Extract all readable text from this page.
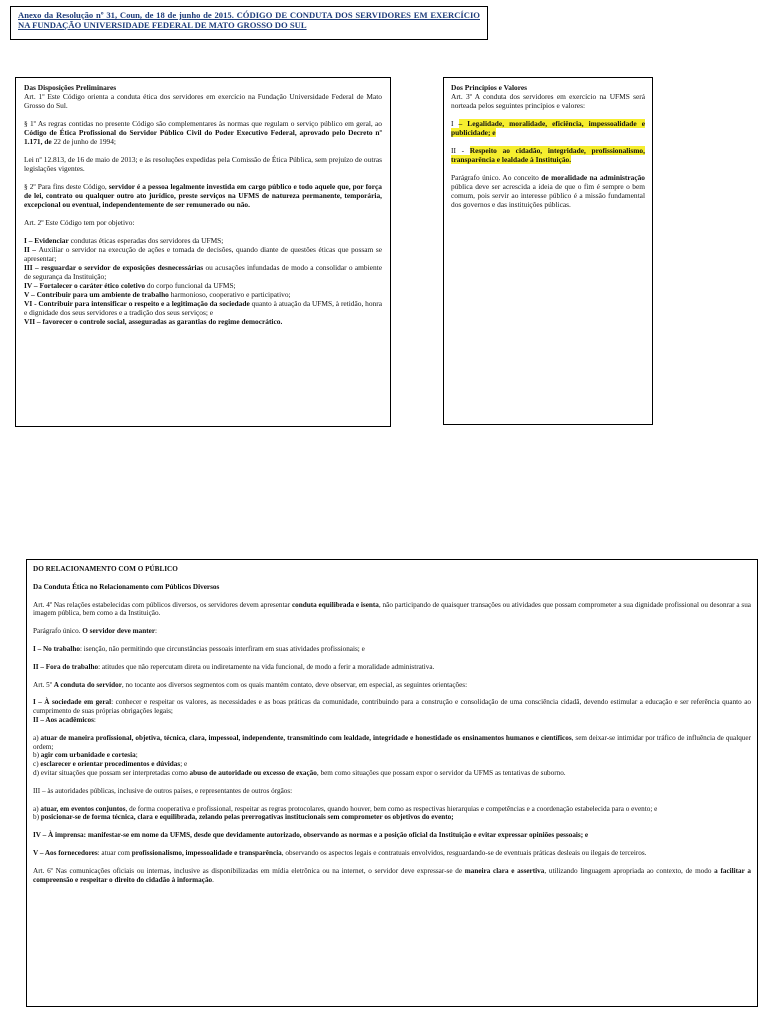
Anexo da Resolução nº 31, Coun, de 18 de junho de 2015. CÓDIGO DE CONDUTA DOS SERVIDORES EM EXERCÍCIO NA FUNDAÇÃO UNIVERSIDADE FEDERAL DE MATO GROSSO DO SUL

Das Disposições Preliminares

Art. 1º Este Código orienta a conduta ética dos servidores em exercício na Fundação Universidade Federal de Mato Grosso do Sul.

§ 1º As regras contidas no presente Código são complementares às normas que regulam o serviço público em geral, ao Código de Ética Profissional do Servidor Público Civil do Poder Executivo Federal, aprovado pelo Decreto nº 1.171, de 22 de junho de 1994;

Lei nº 12.813, de 16 de maio de 2013; e às resoluções expedidas pela Comissão de Ética Pública, sem prejuízo de outras legislações vigentes.

§ 2º Para fins deste Código, servidor é a pessoa legalmente investida em cargo público e todo aquele que, por força de lei, contrato ou qualquer outro ato jurídico, preste serviços na UFMS de natureza permanente, temporária, excepcional ou eventual, independentemente de ser remunerado ou não.

Art. 2º Este Código tem por objetivo:

I – Evidenciar condutas éticas esperadas dos servidores da UFMS;

II – Auxiliar o servidor na execução de ações e tomada de decisões, quando diante de questões éticas que possam se apresentar;

III – resguardar o servidor de exposições desnecessárias ou acusações infundadas de modo a consolidar o ambiente de segurança da Instituição;

IV – Fortalecer o caráter ético coletivo do corpo funcional da UFMS;

V – Contribuir para um ambiente de trabalho harmonioso, cooperativo e participativo;

VI - Contribuir para intensificar o respeito e a legitimação da sociedade quanto à atuação da UFMS, à retidão, honra e dignidade dos seus servidores e a tradição dos seus serviços; e

VII – favorecer o controle social, asseguradas as garantias do regime democrático.

Dos Princípios e Valores

Art. 3º A conduta dos servidores em exercício na UFMS será norteada pelos seguintes princípios e valores:

I – Legalidade, moralidade, eficiência, impessoalidade e publicidade; e

II - Respeito ao cidadão, integridade, profissionalismo, transparência e lealdade à Instituição.

Parágrafo único. Ao conceito de moralidade na administração pública deve ser acrescida a ideia de que o fim é sempre o bem comum, pois servir ao interesse público é a missão fundamental dos governos e das instituições públicas.

DO RELACIONAMENTO COM O PÚBLICO

Da Conduta Ética no Relacionamento com Públicos Diversos

Art. 4º Nas relações estabelecidas com públicos diversos, os servidores devem apresentar conduta equilibrada e isenta, não participando de quaisquer transações ou atividades que possam comprometer a sua dignidade profissional ou desonrar a sua imagem pública, bem como a da Instituição.

Parágrafo único. O servidor deve manter:

I – No trabalho: isenção, não permitindo que circunstâncias pessoais interfiram em suas atividades profissionais; e

II – Fora do trabalho: atitudes que não repercutam direta ou indiretamente na vida funcional, de modo a ferir a moralidade administrativa.

Art. 5º A conduta do servidor, no tocante aos diversos segmentos com os quais mantém contato, deve observar, em especial, as seguintes orientações:

I – À sociedade em geral: conhecer e respeitar os valores, as necessidades e as boas práticas da comunidade, contribuindo para a construção e consolidação de uma consciência cidadã, devendo estimular a educação e ser referência quanto ao cumprimento de suas próprias obrigações legais;

II – Aos acadêmicos:

a) atuar de maneira profissional, objetiva, técnica, clara, impessoal, independente, transmitindo com lealdade, integridade e honestidade os ensinamentos humanos e científicos, sem deixar-se intimidar por tráfico de influência de qualquer ordem;

b) agir com urbanidade e cortesia;

c) esclarecer e orientar procedimentos e dúvidas; e

d) evitar situações que possam ser interpretadas como abuso de autoridade ou excesso de exação, bem como situações que possam expor o servidor da UFMS as tentativas de suborno.

III – às autoridades públicas, inclusive de outros países, e representantes de outros órgãos:

a) atuar, em eventos conjuntos, de forma cooperativa e profissional, respeitar as regras protocolares, quando houver, bem como as respectivas hierarquias e competências e a coordenação estabelecida para o evento; e

b) posicionar-se de forma técnica, clara e equilibrada, zelando pelas prerrogativas institucionais sem comprometer os objetivos do evento;

IV – À imprensa: manifestar-se em nome da UFMS, desde que devidamente autorizado, observando as normas e a posição oficial da Instituição e evitar expressar opiniões pessoais; e

V – Aos fornecedores: atuar com profissionalismo, impessoalidade e transparência, observando os aspectos legais e contratuais envolvidos, resguardando-se de eventuais práticas desleais ou ilegais de terceiros.

Art. 6º Nas comunicações oficiais ou internas, inclusive as disponibilizadas em mídia eletrônica ou na internet, o servidor deve expressar-se de maneira clara e assertiva, utilizando linguagem apropriada ao contexto, de modo a facilitar a compreensão e respeitar o direito do cidadão à informação.
